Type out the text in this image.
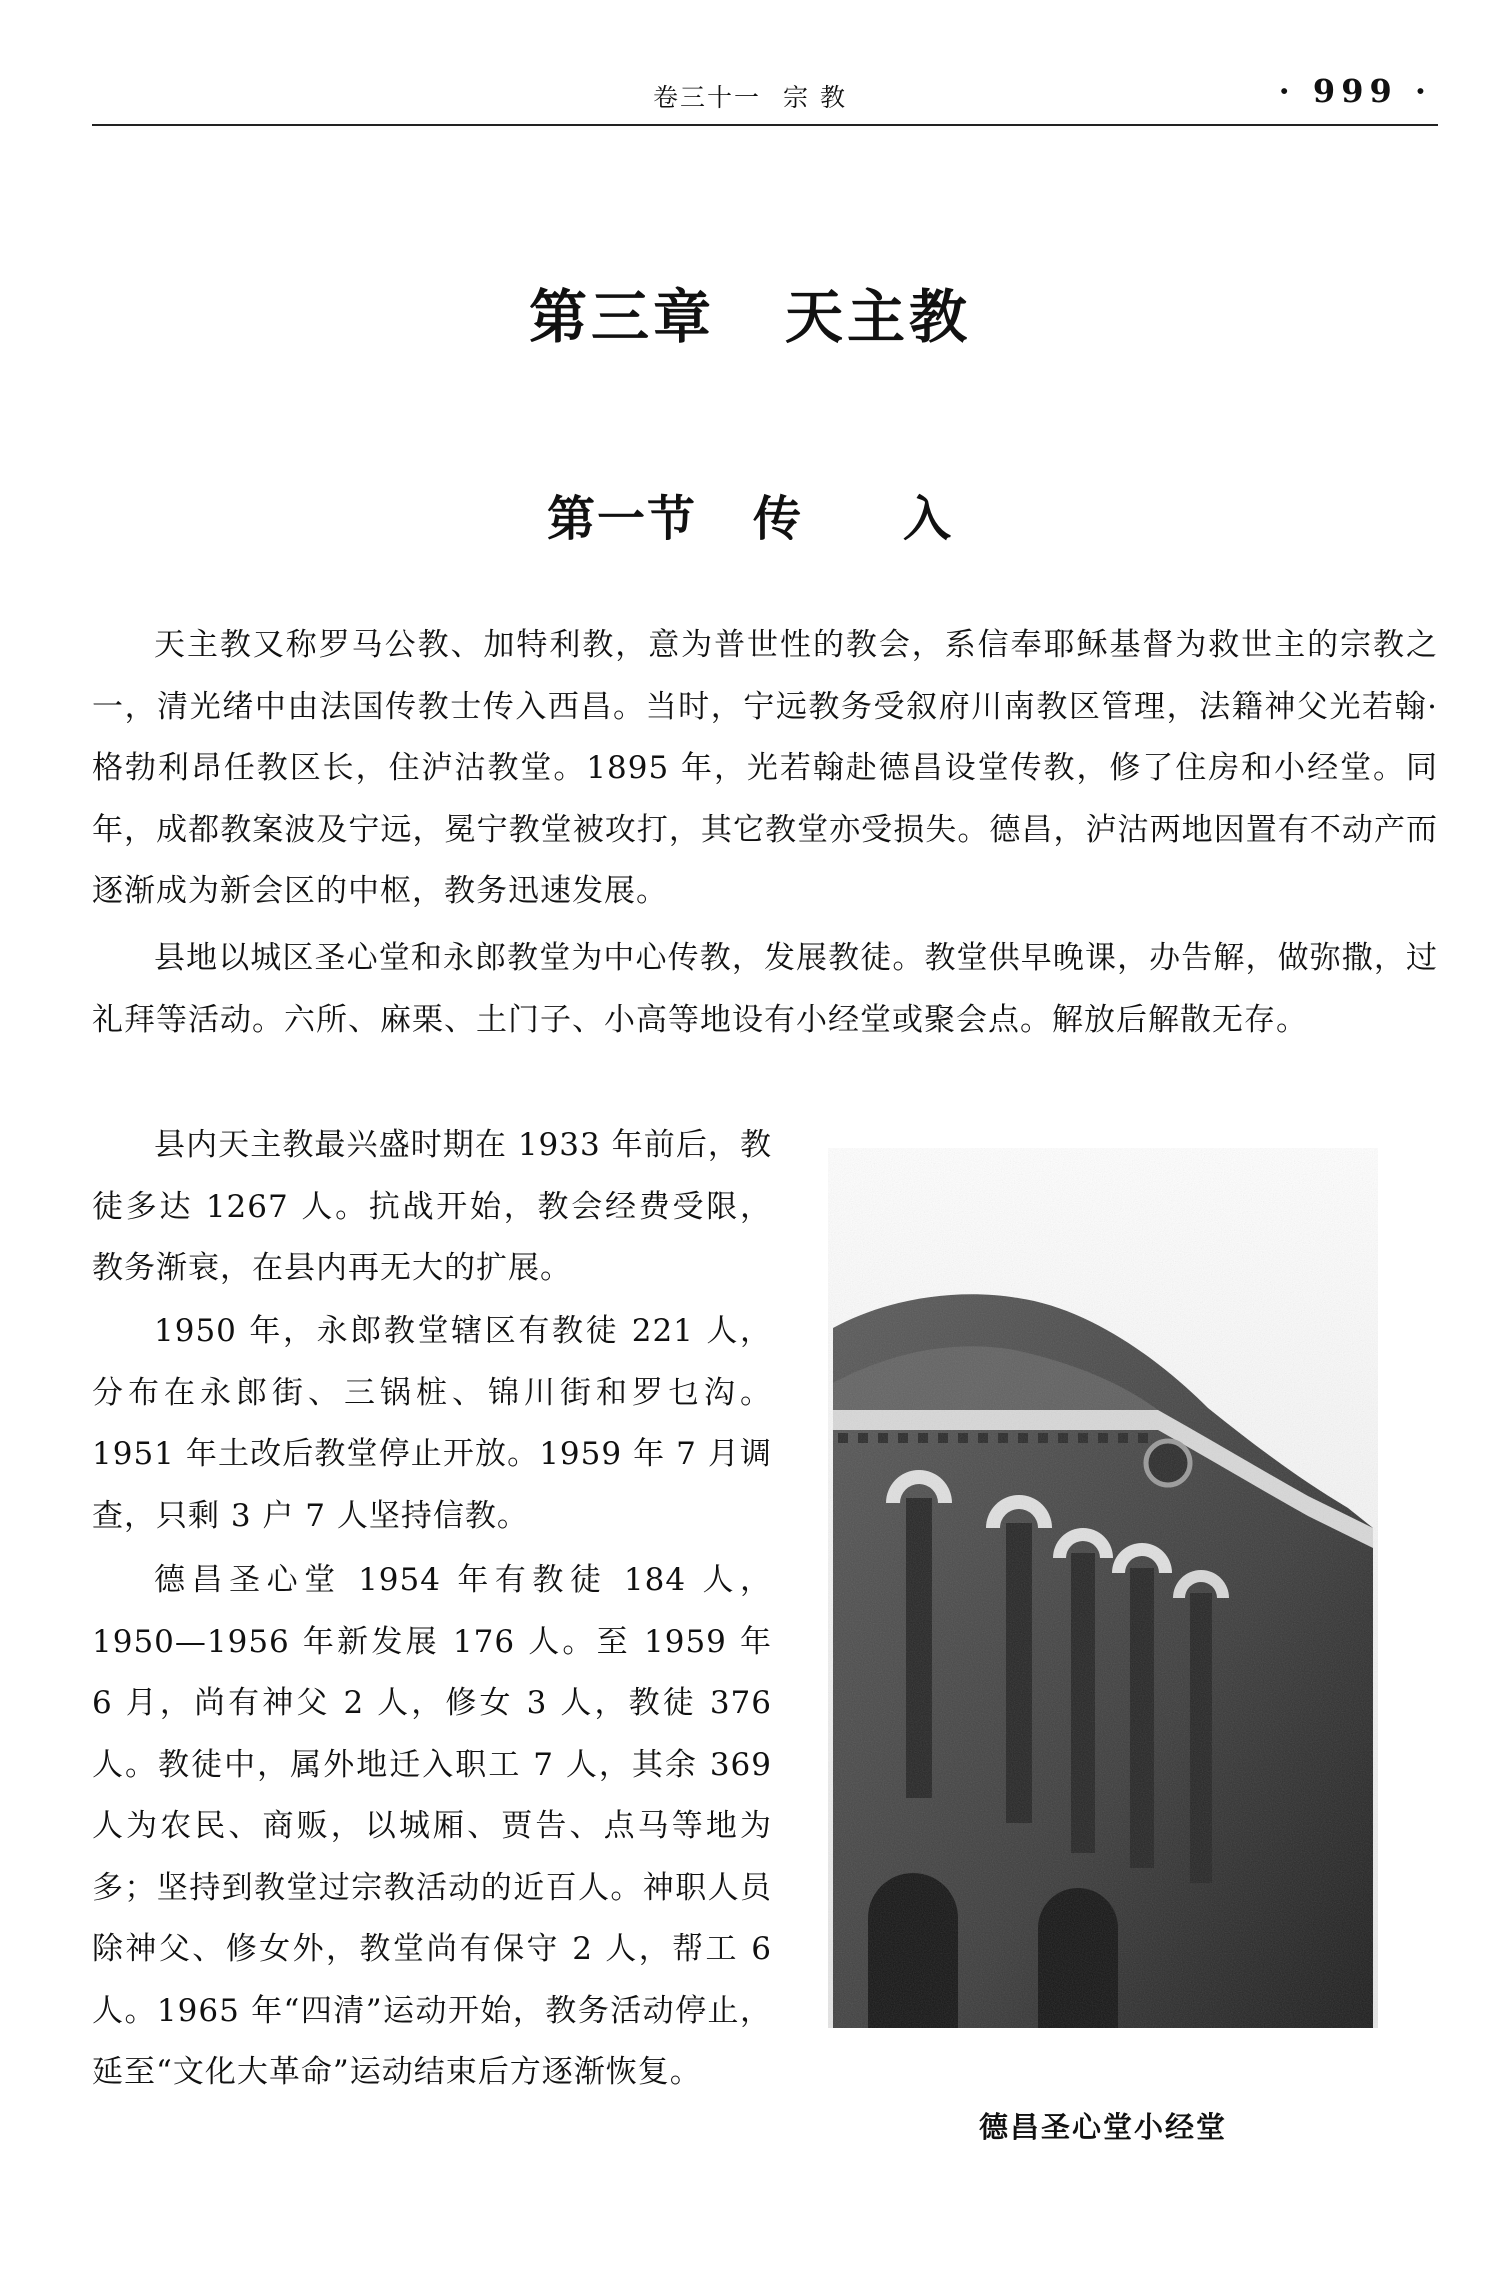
卷三十一 宗 教	· 999 ·
第三章 天主教
第一节 传 入

天主教又称罗马公教、加特利教，意为普世性的教会，系信奉耶稣基督为救世主的宗教之一，清光绪中由法国传教士传入西昌。当时，宁远教务受叙府川南教区管理，法籍神父光若翰·格勃利昂任教区长，住泸沽教堂。1895 年，光若翰赴德昌设堂传教，修了住房和小经堂。同年，成都教案波及宁远，冕宁教堂被攻打，其它教堂亦受损失。德昌，泸沽两地因置有不动产而逐渐成为新会区的中枢，教务迅速发展。

县地以城区圣心堂和永郎教堂为中心传教，发展教徒。教堂供早晚课，办告解，做弥撒，过礼拜等活动。六所、麻栗、土门子、小高等地设有小经堂或聚会点。解放后解散无存。

县内天主教最兴盛时期在 1933 年前后，教徒多达 1267 人。抗战开始，教会经费受限，教务渐衰，在县内再无大的扩展。

1950 年，永郎教堂辖区有教徒 221 人，分布在永郎街、三锅桩、锦川街和罗乜沟。1951 年土改后教堂停止开放。1959 年 7 月调查，只剩 3 户 7 人坚持信教。

德昌圣心堂 1954 年有教徒 184 人，1950—1956 年新发展 176 人。至 1959 年 6 月，尚有神父 2 人，修女 3 人，教徒 376 人。教徒中，属外地迁入职工 7 人，其余 369 人为农民、商贩，以城厢、贾告、点马等地为多；坚持到教堂过宗教活动的近百人。神职人员除神父、修女外，教堂尚有保守 2 人，帮工 6 人。1965 年“四清”运动开始，教务活动停止，延至“文化大革命”运动结束后方逐渐恢复。

德昌圣心堂小经堂
